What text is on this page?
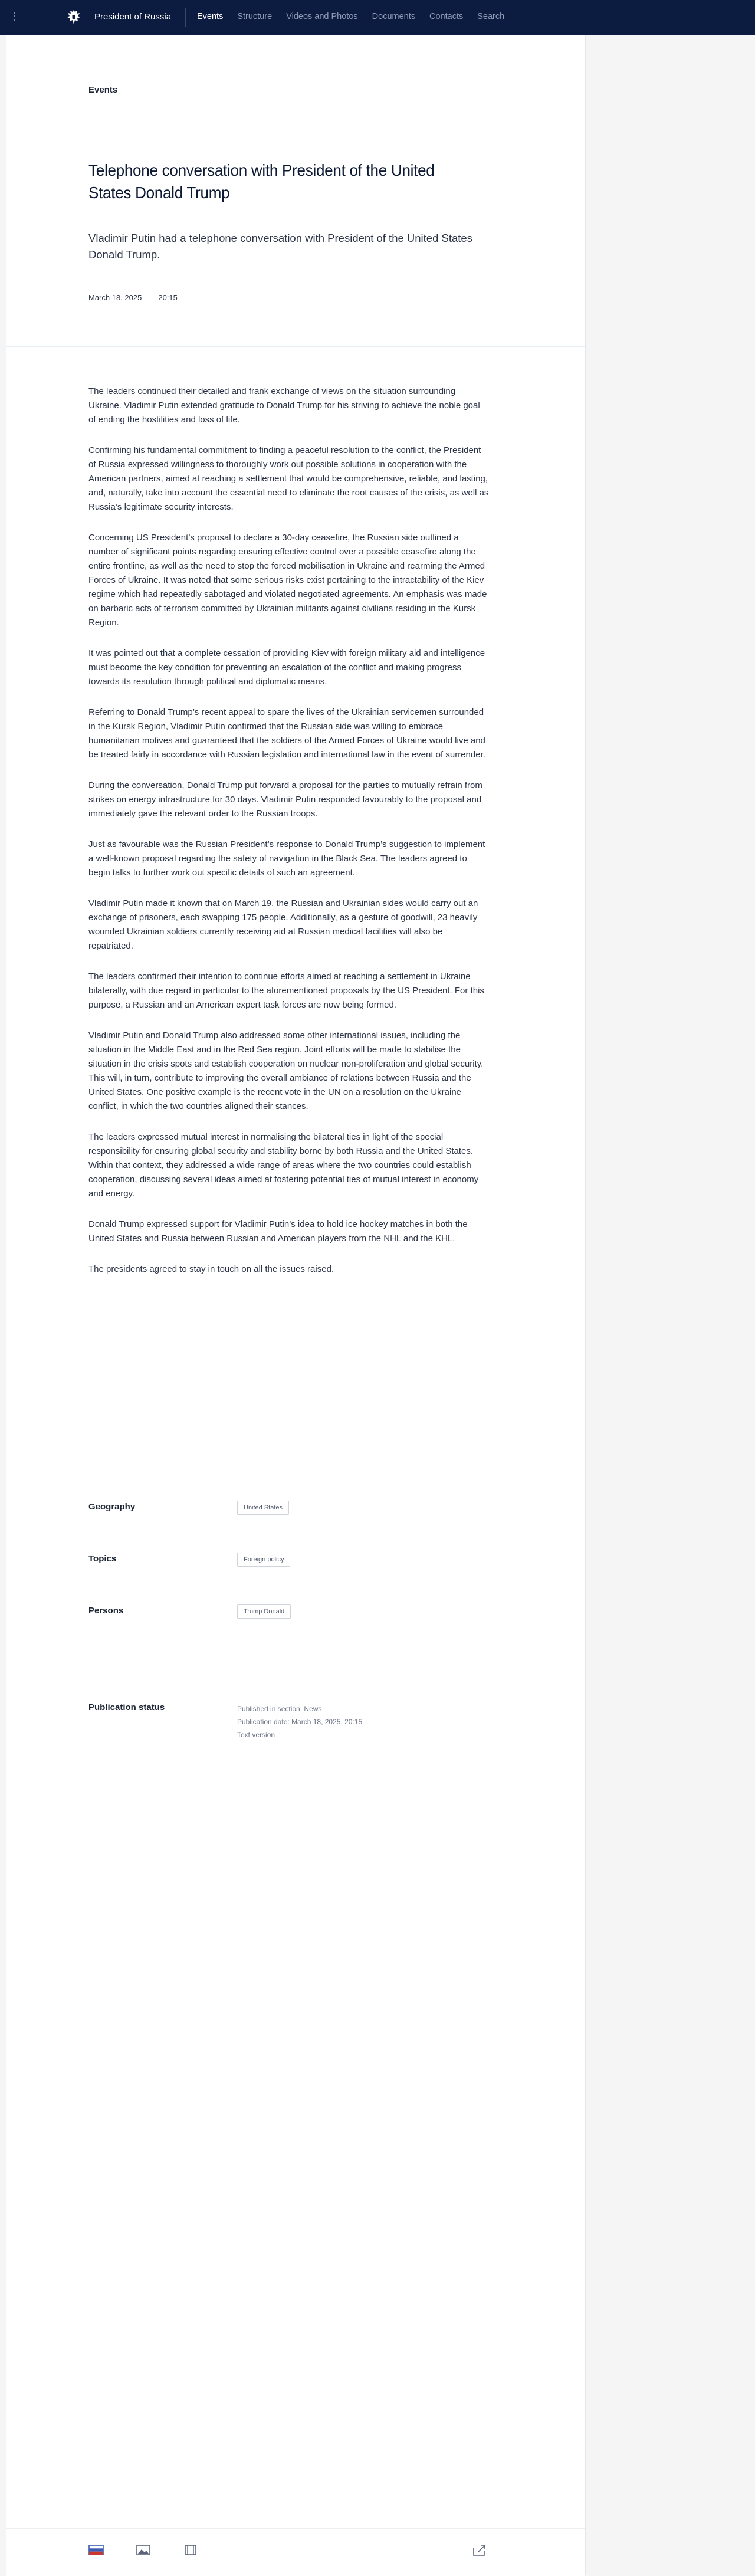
President of Russia	Events Structure Videos and Photos Documents Contacts Search
Events
Telephone conversation with President of the United States Donald Trump

Vladimir Putin had a telephone conversation with President of the United States Donald Trump.

March 18, 2025 20:15

The leaders continued their detailed and frank exchange of views on the situation surrounding Ukraine. Vladimir Putin extended gratitude to Donald Trump for his striving to achieve the noble goal of ending the hostilities and loss of life.

Confirming his fundamental commitment to finding a peaceful resolution to the conflict, the President of Russia expressed willingness to thoroughly work out possible solutions in cooperation with the American partners, aimed at reaching a settlement that would be comprehensive, reliable, and lasting, and, naturally, take into account the essential need to eliminate the root causes of the crisis, as well as Russia’s legitimate security interests.

Concerning US President’s proposal to declare a 30-day ceasefire, the Russian side outlined a number of significant points regarding ensuring effective control over a possible ceasefire along the entire frontline, as well as the need to stop the forced mobilisation in Ukraine and rearming the Armed Forces of Ukraine. It was noted that some serious risks exist pertaining to the intractability of the Kiev regime which had repeatedly sabotaged and violated negotiated agreements. An emphasis was made on barbaric acts of terrorism committed by Ukrainian militants against civilians residing in the Kursk Region.

It was pointed out that a complete cessation of providing Kiev with foreign military aid and intelligence must become the key condition for preventing an escalation of the conflict and making progress towards its resolution through political and diplomatic means.

Referring to Donald Trump’s recent appeal to spare the lives of the Ukrainian servicemen surrounded in the Kursk Region, Vladimir Putin confirmed that the Russian side was willing to embrace humanitarian motives and guaranteed that the soldiers of the Armed Forces of Ukraine would live and be treated fairly in accordance with Russian legislation and international law in the event of surrender.

During the conversation, Donald Trump put forward a proposal for the parties to mutually refrain from strikes on energy infrastructure for 30 days. Vladimir Putin responded favourably to the proposal and immediately gave the relevant order to the Russian troops.

Just as favourable was the Russian President’s response to Donald Trump’s suggestion to implement a well-known proposal regarding the safety of navigation in the Black Sea. The leaders agreed to begin talks to further work out specific details of such an agreement.

Vladimir Putin made it known that on March 19, the Russian and Ukrainian sides would carry out an exchange of prisoners, each swapping 175 people. Additionally, as a gesture of goodwill, 23 heavily wounded Ukrainian soldiers currently receiving aid at Russian medical facilities will also be repatriated.

The leaders confirmed their intention to continue efforts aimed at reaching a settlement in Ukraine bilaterally, with due regard in particular to the aforementioned proposals by the US President. For this purpose, a Russian and an American expert task forces are now being formed.

Vladimir Putin and Donald Trump also addressed some other international issues, including the situation in the Middle East and in the Red Sea region. Joint efforts will be made to stabilise the situation in the crisis spots and establish cooperation on nuclear non-proliferation and global security. This will, in turn, contribute to improving the overall ambiance of relations between Russia and the United States. One positive example is the recent vote in the UN on a resolution on the Ukraine conflict, in which the two countries aligned their stances.

The leaders expressed mutual interest in normalising the bilateral ties in light of the special responsibility for ensuring global security and stability borne by both Russia and the United States. Within that context, they addressed a wide range of areas where the two countries could establish cooperation, discussing several ideas aimed at fostering potential ties of mutual interest in economy and energy.

Donald Trump expressed support for Vladimir Putin’s idea to hold ice hockey matches in both the United States and Russia between Russian and American players from the NHL and the KHL.

The presidents agreed to stay in touch on all the issues raised.

Geography	United States
Topics	Foreign policy
Persons	Trump Donald
Publication status	Published in section: News
Publication date: March 18, 2025, 20:15
Text version
